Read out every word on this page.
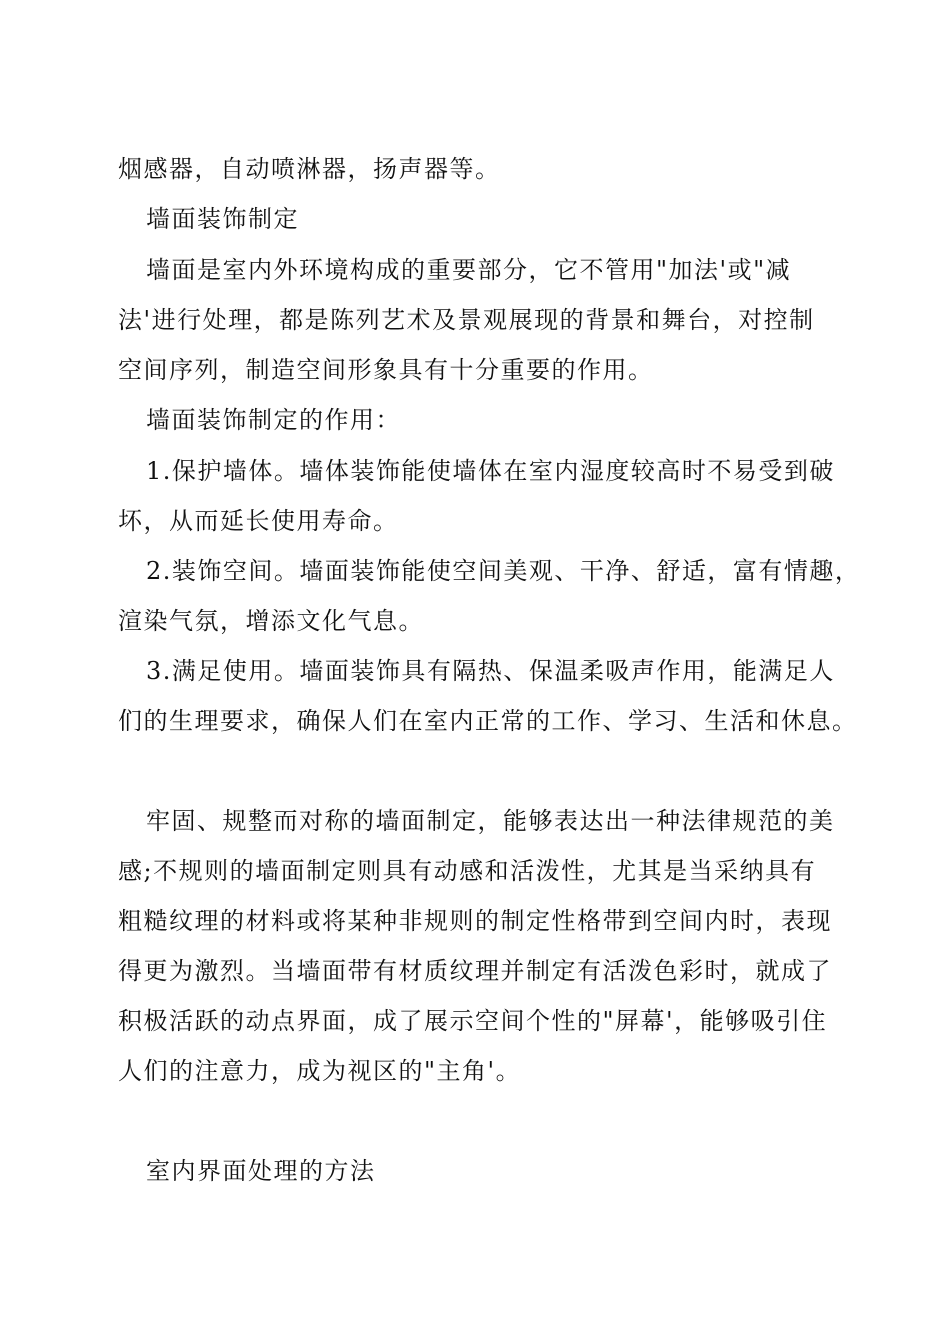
烟感器，自动喷淋器，扬声器等。
墙面装饰制定
墙面是室内外环境构成的重要部分，它不管用"加法'或"减
法'进行处理，都是陈列艺术及景观展现的背景和舞台，对控制
空间序列，制造空间形象具有十分重要的作用。
墙面装饰制定的作用：
1.保护墙体。墙体装饰能使墙体在室内湿度较高时不易受到破
坏，从而延长使用寿命。
2.装饰空间。墙面装饰能使空间美观、干净、舒适，富有情趣，
渲染气氛，增添文化气息。
3.满足使用。墙面装饰具有隔热、保温柔吸声作用，能满足人
们的生理要求，确保人们在室内正常的工作、学习、生活和休息。
牢固、规整而对称的墙面制定，能够表达出一种法律规范的美
感;不规则的墙面制定则具有动感和活泼性，尤其是当采纳具有
粗糙纹理的材料或将某种非规则的制定性格带到空间内时，表现
得更为激烈。当墙面带有材质纹理并制定有活泼色彩时，就成了
积极活跃的动点界面，成了展示空间个性的"屏幕'，能够吸引住
人们的注意力，成为视区的"主角'。
室内界面处理的方法
